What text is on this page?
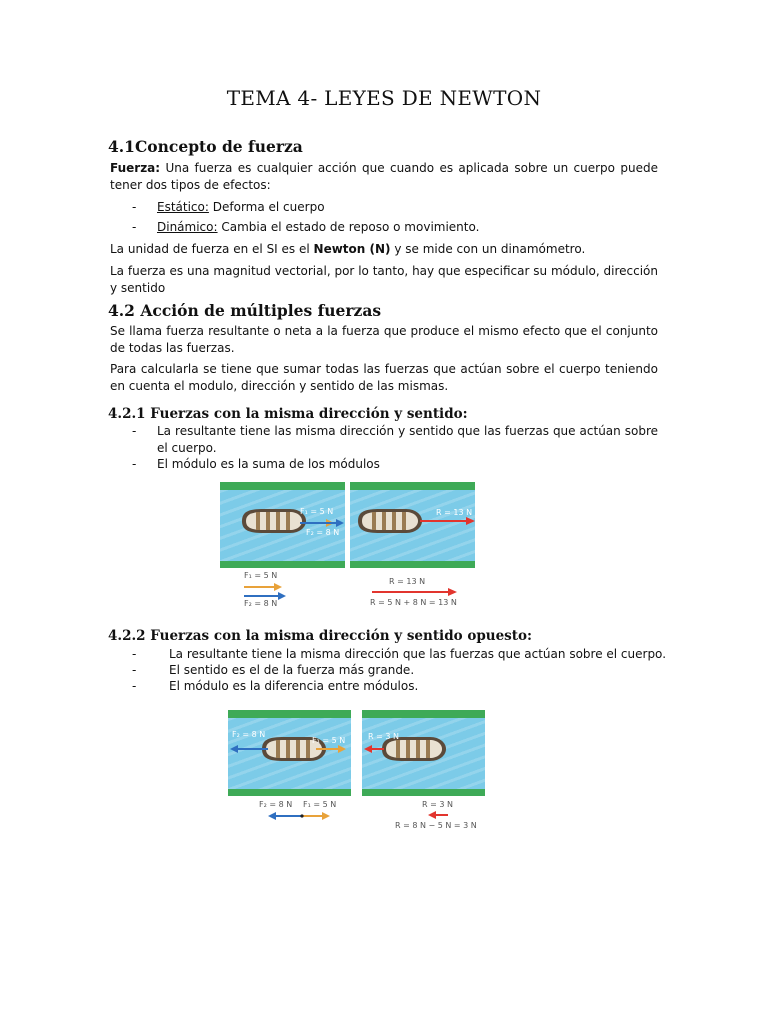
TEMA 4- LEYES DE NEWTON
4.1Concepto de fuerza

Fuerza: Una fuerza es cualquier acción que cuando es aplicada sobre un cuerpo puede tener dos tipos de efectos:

-	Estático: Deforma el cuerpo
-	Dinámico: Cambia el estado de reposo o movimiento.

La unidad de fuerza en el SI es el Newton (N) y se mide con un dinamómetro.

La fuerza es una magnitud vectorial, por lo tanto, hay que especificar su módulo, dirección y sentido

4.2 Acción de múltiples fuerzas

Se llama fuerza resultante o neta a la fuerza que produce el mismo efecto que el conjunto de todas las fuerzas.

Para calcularla se tiene que sumar todas las fuerzas que actúan sobre el cuerpo teniendo en cuenta el modulo, dirección y sentido de las mismas.

4.2.1 Fuerzas con la misma dirección y sentido:
-	La resultante tiene las misma dirección y sentido que las fuerzas que actúan sobre el cuerpo.
-	El módulo es la suma de los módulos
F₁ = 5 N
F₂ = 8 N
R = 13 N
F₁ = 5 N
F₂ = 8 N
R = 13 N
R = 5 N + 8 N = 13 N
4.2.2 Fuerzas con la misma dirección y sentido opuesto:
-	La resultante tiene la misma dirección que las fuerzas que actúan sobre el cuerpo.
-	El sentido es el de la fuerza más grande.
-	El módulo es la diferencia entre módulos.
F₂ = 8 N
F₁ = 5 N	R = 3 N
F₂ = 8 N F₁ = 5 N	R = 3 N
R = 8 N − 5 N = 3 N
